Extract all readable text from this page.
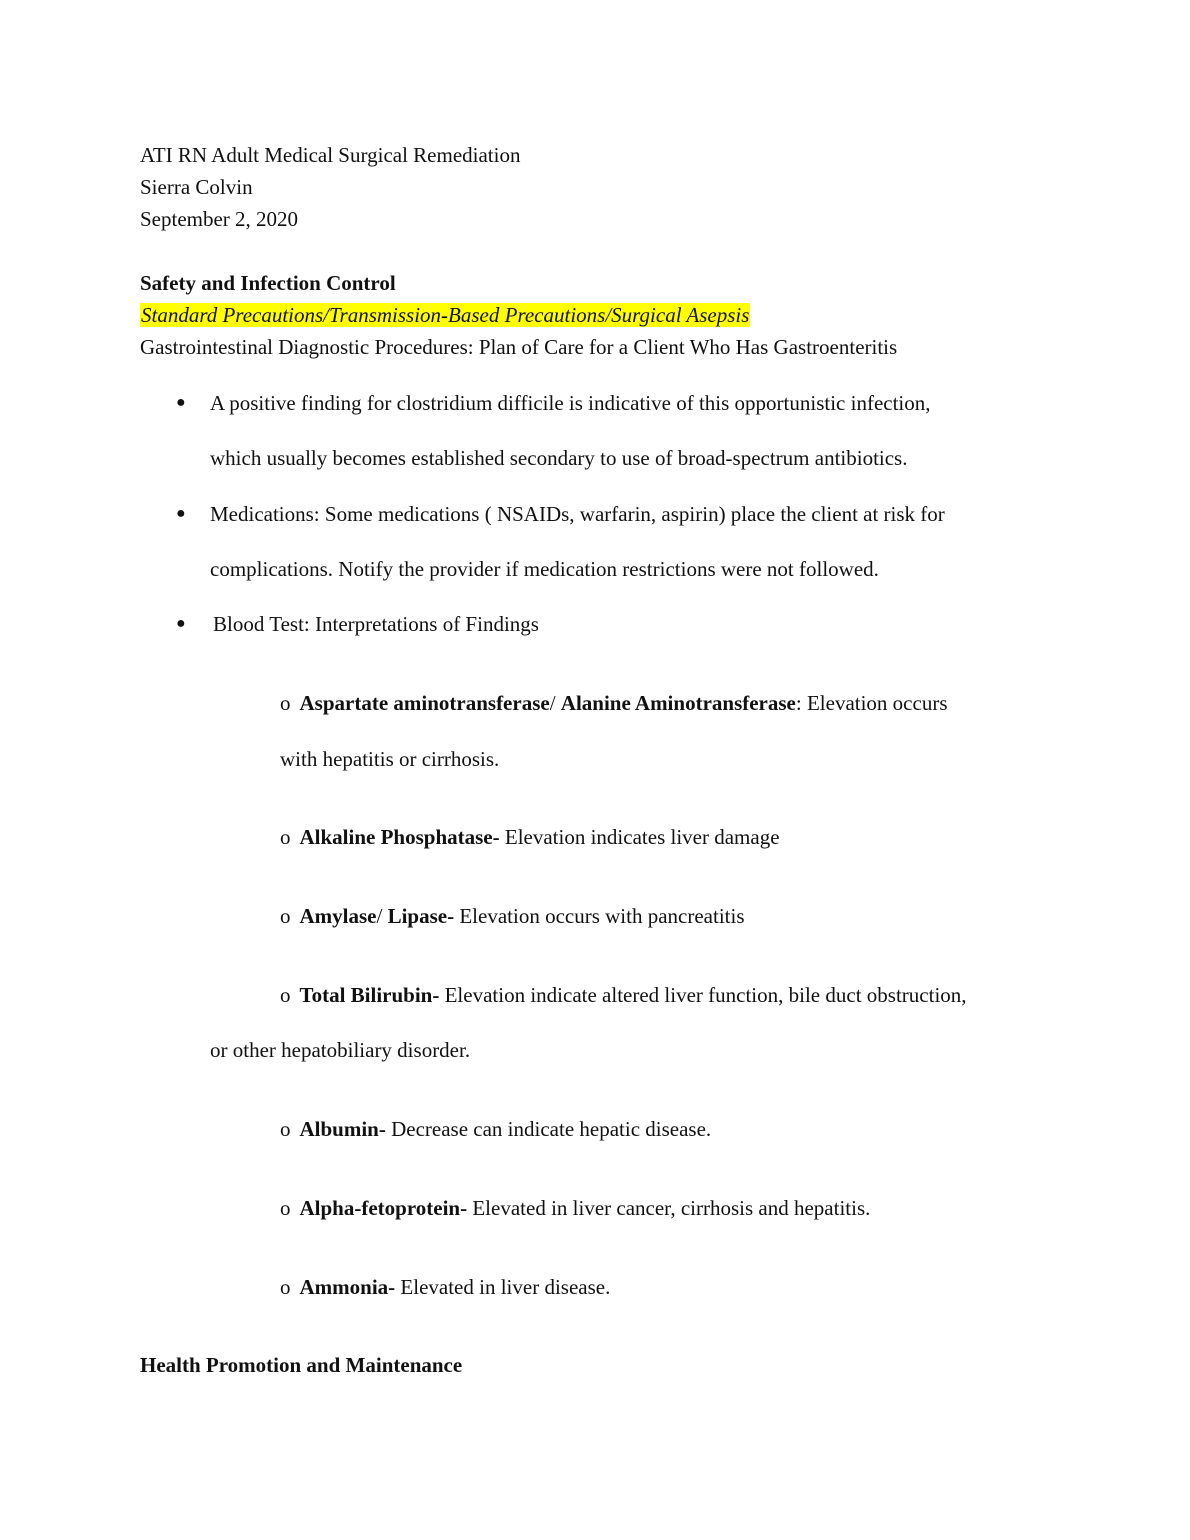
ATI RN Adult Medical Surgical Remediation
Sierra Colvin
September 2, 2020
Safety and Infection Control
Standard Precautions/Transmission-Based Precautions/Surgical Asepsis
Gastrointestinal Diagnostic Procedures: Plan of Care for a Client Who Has Gastroenteritis
● A positive finding for clostridium difficile is indicative of this opportunistic infection,
which usually becomes established secondary to use of broad-spectrum antibiotics.
● Medications: Some medications ( NSAIDs, warfarin, aspirin) place the client at risk for
complications. Notify the provider if medication restrictions were not followed.
● Blood Test: Interpretations of Findings
o Aspartate aminotransferase/ Alanine Aminotransferase: Elevation occurs
with hepatitis or cirrhosis.
o Alkaline Phosphatase- Elevation indicates liver damage
o Amylase/ Lipase- Elevation occurs with pancreatitis
o Total Bilirubin- Elevation indicate altered liver function, bile duct obstruction,
or other hepatobiliary disorder.
o Albumin- Decrease can indicate hepatic disease.
o Alpha-fetoprotein- Elevated in liver cancer, cirrhosis and hepatitis.
o Ammonia- Elevated in liver disease.
Health Promotion and Maintenance
